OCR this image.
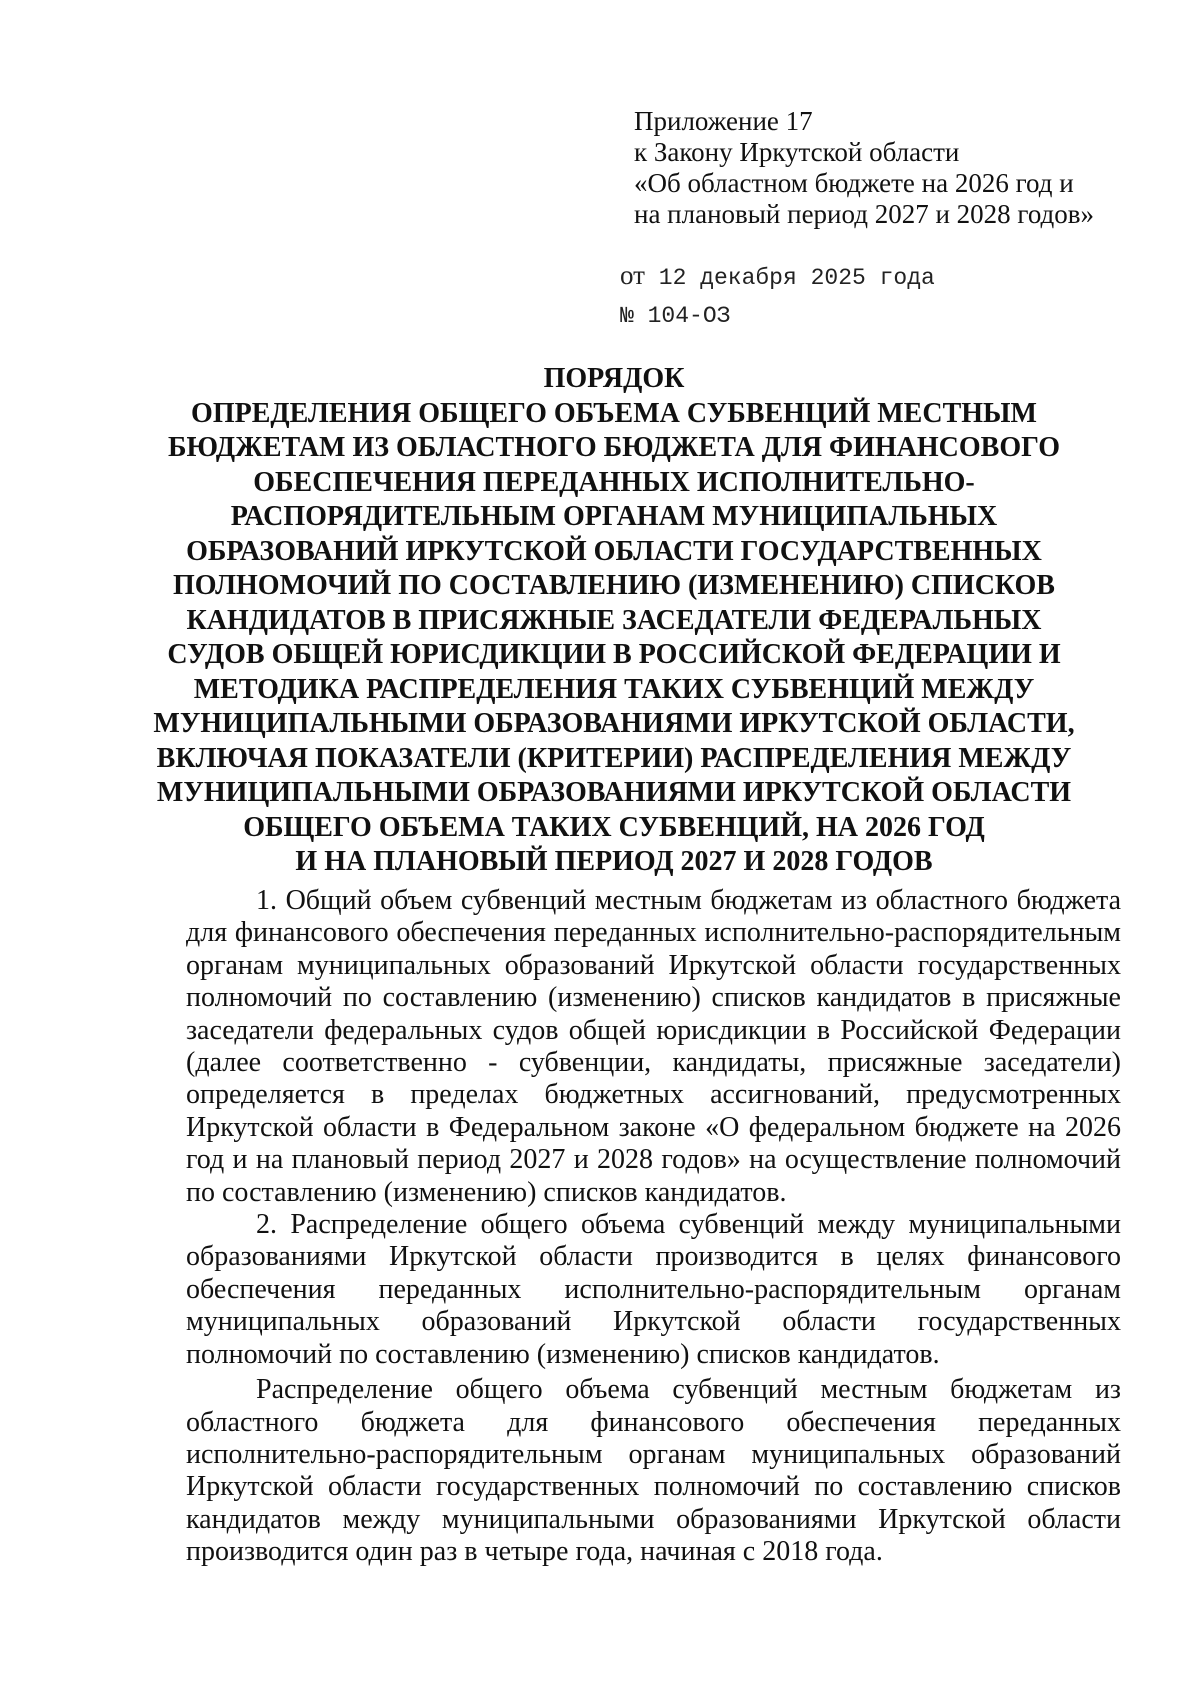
Приложение 17
к Закону Иркутской области
«Об областном бюджете на 2026 год и
на плановый период 2027 и 2028 годов»
от 12 декабря 2025 года
№ 104-ОЗ
ПОРЯДОК
ОПРЕДЕЛЕНИЯ ОБЩЕГО ОБЪЕМА СУБВЕНЦИЙ МЕСТНЫМ
БЮДЖЕТАМ ИЗ ОБЛАСТНОГО БЮДЖЕТА ДЛЯ ФИНАНСОВОГО
ОБЕСПЕЧЕНИЯ ПЕРЕДАННЫХ ИСПОЛНИТЕЛЬНО-
РАСПОРЯДИТЕЛЬНЫМ ОРГАНАМ МУНИЦИПАЛЬНЫХ
ОБРАЗОВАНИЙ ИРКУТСКОЙ ОБЛАСТИ ГОСУДАРСТВЕННЫХ
ПОЛНОМОЧИЙ ПО СОСТАВЛЕНИЮ (ИЗМЕНЕНИЮ) СПИСКОВ
КАНДИДАТОВ В ПРИСЯЖНЫЕ ЗАСЕДАТЕЛИ ФЕДЕРАЛЬНЫХ
СУДОВ ОБЩЕЙ ЮРИСДИКЦИИ В РОССИЙСКОЙ ФЕДЕРАЦИИ И
МЕТОДИКА РАСПРЕДЕЛЕНИЯ ТАКИХ СУБВЕНЦИЙ МЕЖДУ
МУНИЦИПАЛЬНЫМИ ОБРАЗОВАНИЯМИ ИРКУТСКОЙ ОБЛАСТИ,
ВКЛЮЧАЯ ПОКАЗАТЕЛИ (КРИТЕРИИ) РАСПРЕДЕЛЕНИЯ МЕЖДУ
МУНИЦИПАЛЬНЫМИ ОБРАЗОВАНИЯМИ ИРКУТСКОЙ ОБЛАСТИ
ОБЩЕГО ОБЪЕМА ТАКИХ СУБВЕНЦИЙ, НА 2026 ГОД
И НА ПЛАНОВЫЙ ПЕРИОД 2027 И 2028 ГОДОВ

1. Общий объем субвенций местным бюджетам из областного бюджета для финансового обеспечения переданных исполнительно-распорядительным органам муниципальных образований Иркутской области государственных полномочий по составлению (изменению) списков кандидатов в присяжные заседатели федеральных судов общей юрисдикции в Российской Федерации (далее соответственно - субвенции, кандидаты, присяжные заседатели) определяется в пределах бюджетных ассигнований, предусмотренных Иркутской области в Федеральном законе «О федеральном бюджете на 2026 год и на плановый период 2027 и 2028 годов» на осуществление полномочий по составлению (изменению) списков кандидатов.

2. Распределение общего объема субвенций между муниципальными образованиями Иркутской области производится в целях финансового обеспечения переданных исполнительно-распорядительным органам муниципальных образований Иркутской области государственных полномочий по составлению (изменению) списков кандидатов.

Распределение общего объема субвенций местным бюджетам из областного бюджета для финансового обеспечения переданных исполнительно-распорядительным органам муниципальных образований Иркутской области государственных полномочий по составлению списков кандидатов между муниципальными образованиями Иркутской области производится один раз в четыре года, начиная с 2018 года.
